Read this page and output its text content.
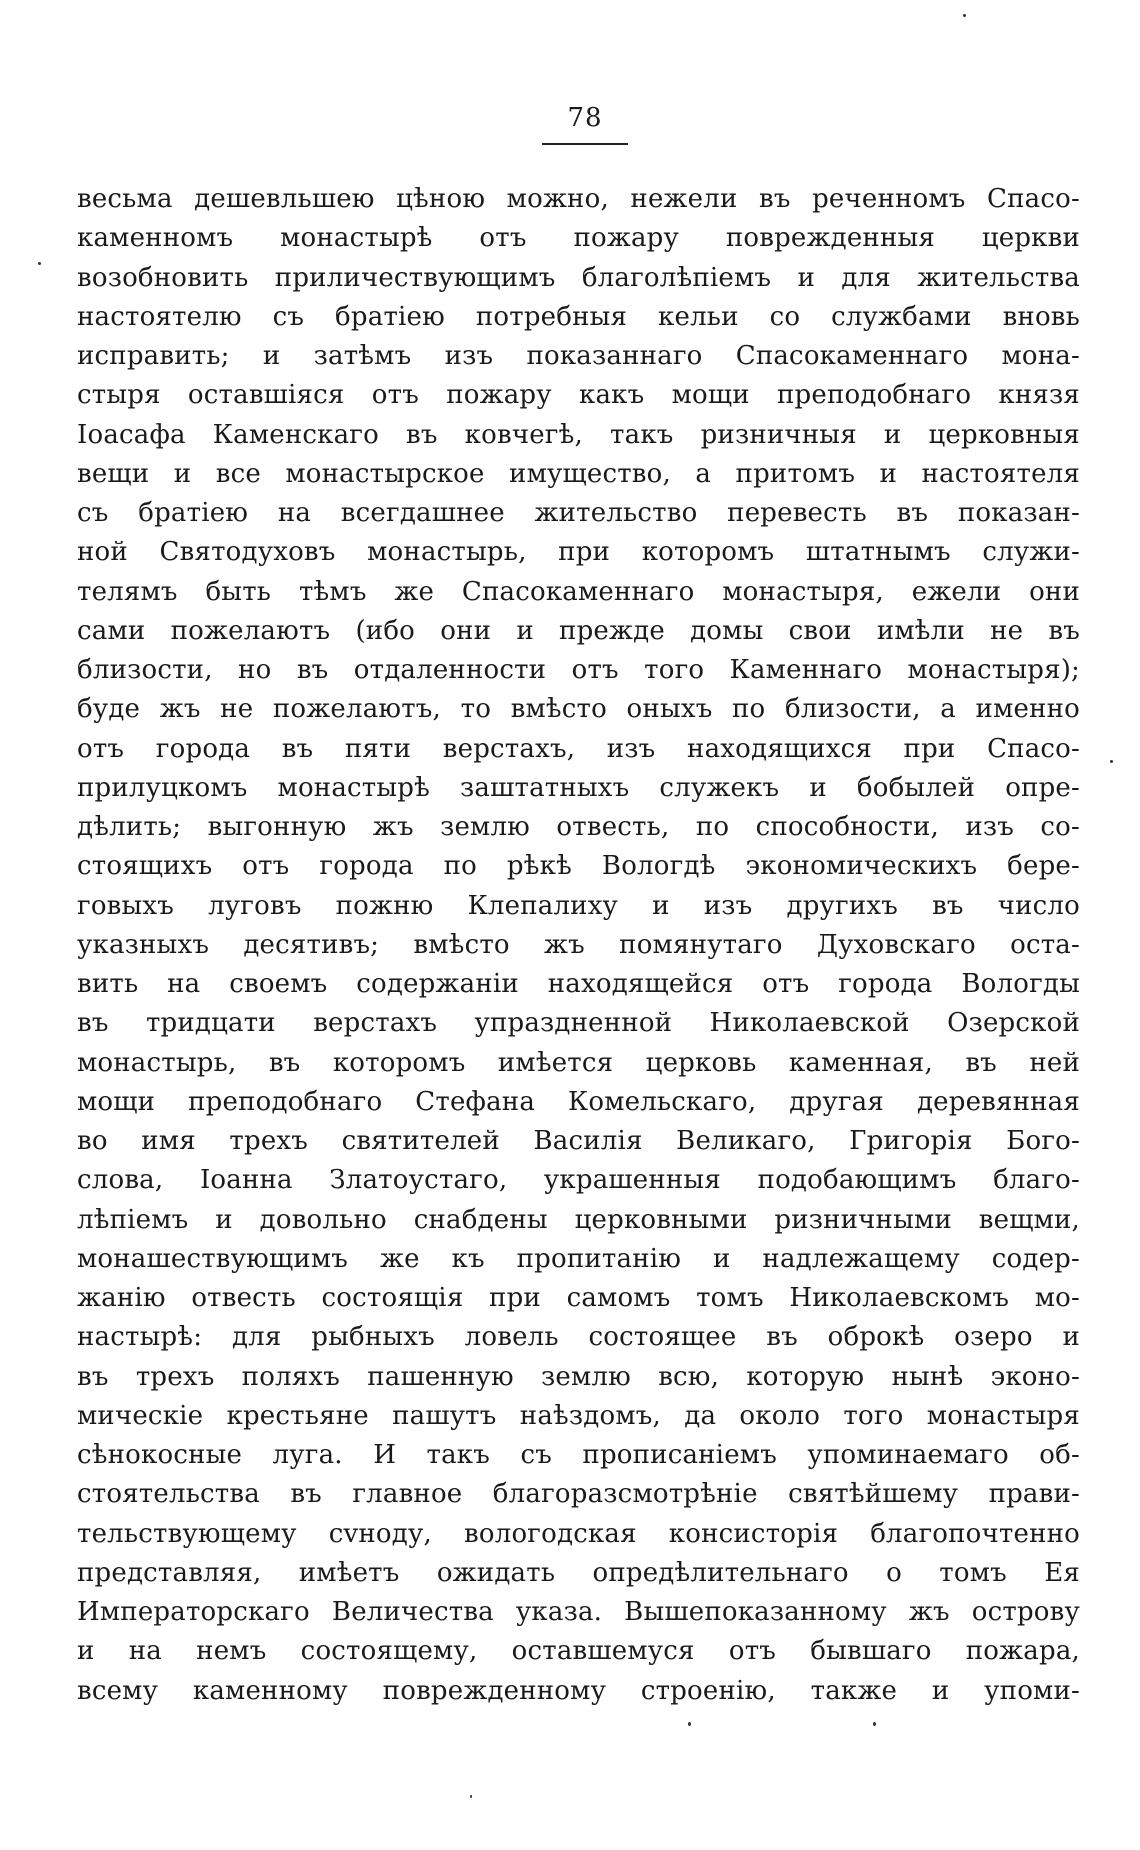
78
весьма дешевльшею цѣною можно, нежели въ реченномъ Спасо-
каменномъ монастырѣ отъ пожару поврежденныя церкви
возобновить приличествующимъ благолѣпіемъ и для жительства
настоятелю съ братіею потребныя кельи со службами вновь
исправить; и затѣмъ изъ показаннаго Спасокаменнаго мона-
стыря оставшіяся отъ пожару какъ мощи преподобнаго князя
Іоасафа Каменскаго въ ковчегѣ, такъ ризничныя и церковныя
вещи и все монастырское имущество, а притомъ и настоятеля
съ братіею на всегдашнее жительство перевесть въ показан-
ной Святодуховъ монастырь, при которомъ штатнымъ служи-
телямъ быть тѣмъ же Спасокаменнаго монастыря, ежели они
сами пожелаютъ (ибо они и прежде домы свои имѣли не въ
близости, но въ отдаленности отъ того Каменнаго монастыря);
буде жъ не пожелаютъ, то вмѣсто оныхъ по близости, а именно
отъ города въ пяти верстахъ, изъ находящихся при Спасо-
прилуцкомъ монастырѣ заштатныхъ служекъ и бобылей опре-
дѣлить; выгонную жъ землю отвесть, по способности, изъ со-
стоящихъ отъ города по рѣкѣ Вологдѣ экономическихъ бере-
говыхъ луговъ пожню Клепалиху и изъ другихъ въ число
указныхъ десятивъ; вмѣсто жъ помянутаго Духовскаго оста-
вить на своемъ содержаніи находящейся отъ города Вологды
въ тридцати верстахъ упраздненной Николаевской Озерской
монастырь, въ которомъ имѣется церковь каменная, въ ней
мощи преподобнаго Стефана Комельскаго, другая деревянная
во имя трехъ святителей Василія Великаго, Григорія Бого-
слова, Іоанна Златоустаго, украшенныя подобающимъ благо-
лѣпіемъ и довольно снабдены церковными ризничными вещми,
монашествующимъ же къ пропитанію и надлежащему содер-
жанію отвесть состоящія при самомъ томъ Николаевскомъ мо-
настырѣ: для рыбныхъ ловель состоящее въ оброкѣ озеро и
въ трехъ поляхъ пашенную землю всю, которую нынѣ эконо-
мическіе крестьяне пашутъ наѣздомъ, да около того монастыря
сѣнокосные луга. И такъ съ прописаніемъ упоминаемаго об-
стоятельства въ главное благоразсмотрѣніе святѣйшему прави-
тельствующему сvноду, вологодская консисторія благопочтенно
представляя, имѣетъ ожидать опредѣлительнаго о томъ Ея
Императорскаго Величества указа. Вышепоказанному жъ острову
и на немъ состоящему, оставшемуся отъ бывшаго пожара,
всему каменному поврежденному строенію, также и упоми-
